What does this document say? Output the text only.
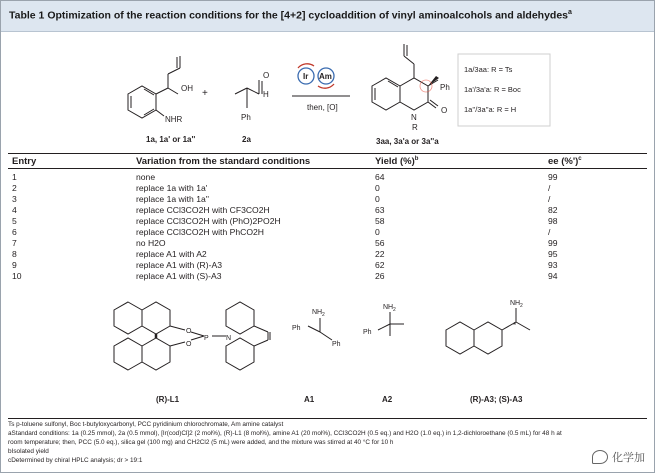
Table 1 Optimization of the reaction conditions for the [4+2] cycloaddition of vinyl aminoalcohols and aldehydes$^a$
Ir Am
then, [O]
OH
NHR
+
O
H
Ph
Ph
O
N
R
1a, 1a' or 1a''	2a	3aa, 3a'a or 3a''a
1a/3aa: R = Ts
1a'/3a'a: R = Boc
1a''/3a''a: R = H
Entry	Variation from the standard conditions	Yield (%)$^b$	ee (%')$^c$
1	none	64	99
2	replace 1a with 1a'	0	/
3	replace 1a with 1a''	0	/
4	replace CCl3CO2H with CF3CO2H	63	82
5	replace CCl3CO2H with (PhO)2PO2H	58	98
6	replace CCl3CO2H with PhCO2H	0	/
7	no H2O	56	99
8	replace A1 with A2	22	95
9	replace A1 with (R)-A3	62	93
10	replace A1 with (S)-A3	26	94
O
O
P N
NH 2
Ph
Ph
NH 2
Ph
NH 2
*
(R)-L1	A1	A2	(R)-A3; (S)-A3
Ts p-toluene sulfonyl, Boc t-butyloxycarbonyl, PCC pyridinium chlorochromate, Am amine catalyst
aStandard conditions: 1a (0.25 mmol), 2a (0.5 mmol), [Ir(cod)Cl]2 (2 mol%), (R)-L1 (8 mol%), amine A1 (20 mol%), CCl3CO2H (0.5 eq.) and H2O (1.0 eq.) in 1,2-dichloroethane (0.5 mL) for 48 h at
room temperature; then, PCC (5.0 eq.), silica gel (100 mg) and CH2Cl2 (5 mL) were added, and the mixture was stirred at 40 °C for 10 h
bIsolated yield
cDetermined by chiral HPLC analysis; dr > 19:1	化学加
